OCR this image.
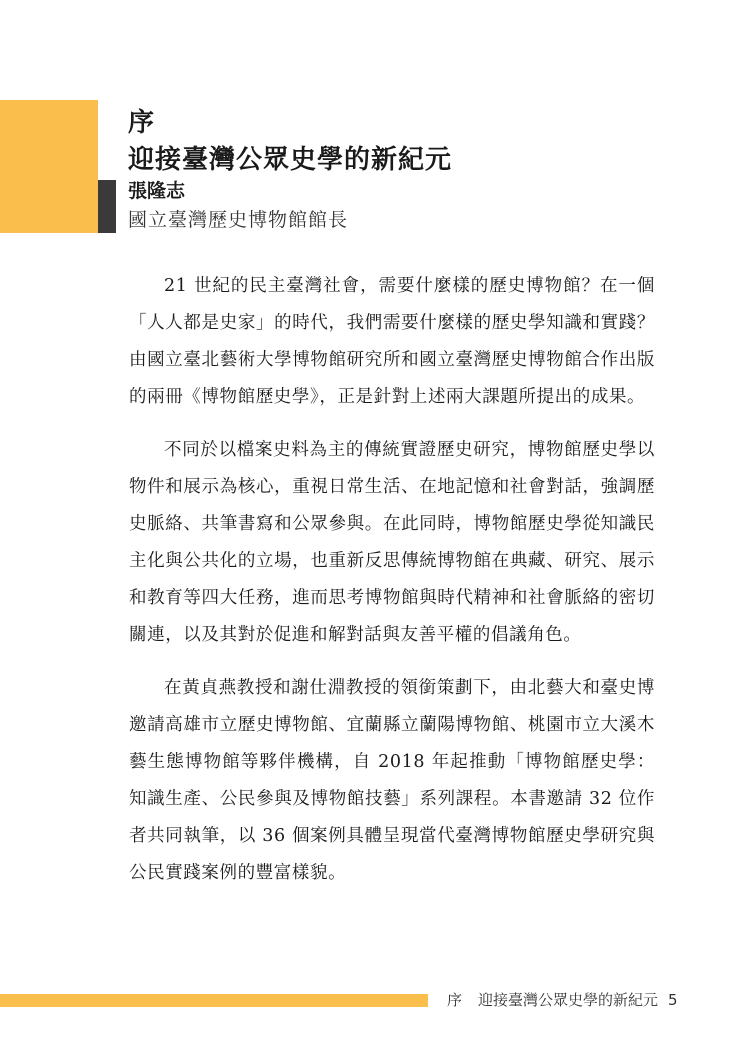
序
迎接臺灣公眾史學的新紀元
張隆志
國立臺灣歷史博物館館長

21 世紀的民主臺灣社會，需要什麼樣的歷史博物館？在一個「人人都是史家」的時代，我們需要什麼樣的歷史學知識和實踐？由國立臺北藝術大學博物館研究所和國立臺灣歷史博物館合作出版的兩冊《博物館歷史學》，正是針對上述兩大課題所提出的成果。

不同於以檔案史料為主的傳統實證歷史研究，博物館歷史學以物件和展示為核心，重視日常生活、在地記憶和社會對話，強調歷史脈絡、共筆書寫和公眾參與。在此同時，博物館歷史學從知識民主化與公共化的立場，也重新反思傳統博物館在典藏、研究、展示和教育等四大任務，進而思考博物館與時代精神和社會脈絡的密切關連，以及其對於促進和解對話與友善平權的倡議角色。

在黃貞燕教授和謝仕淵教授的領銜策劃下，由北藝大和臺史博邀請高雄市立歷史博物館、宜蘭縣立蘭陽博物館、桃園市立大溪木藝生態博物館等夥伴機構，自 2018 年起推動「博物館歷史學：知識生產、公民參與及博物館技藝」系列課程。本書邀請 32 位作者共同執筆，以 36 個案例具體呈現當代臺灣博物館歷史學研究與公民實踐案例的豐富樣貌。

序 迎接臺灣公眾史學的新紀元 5
